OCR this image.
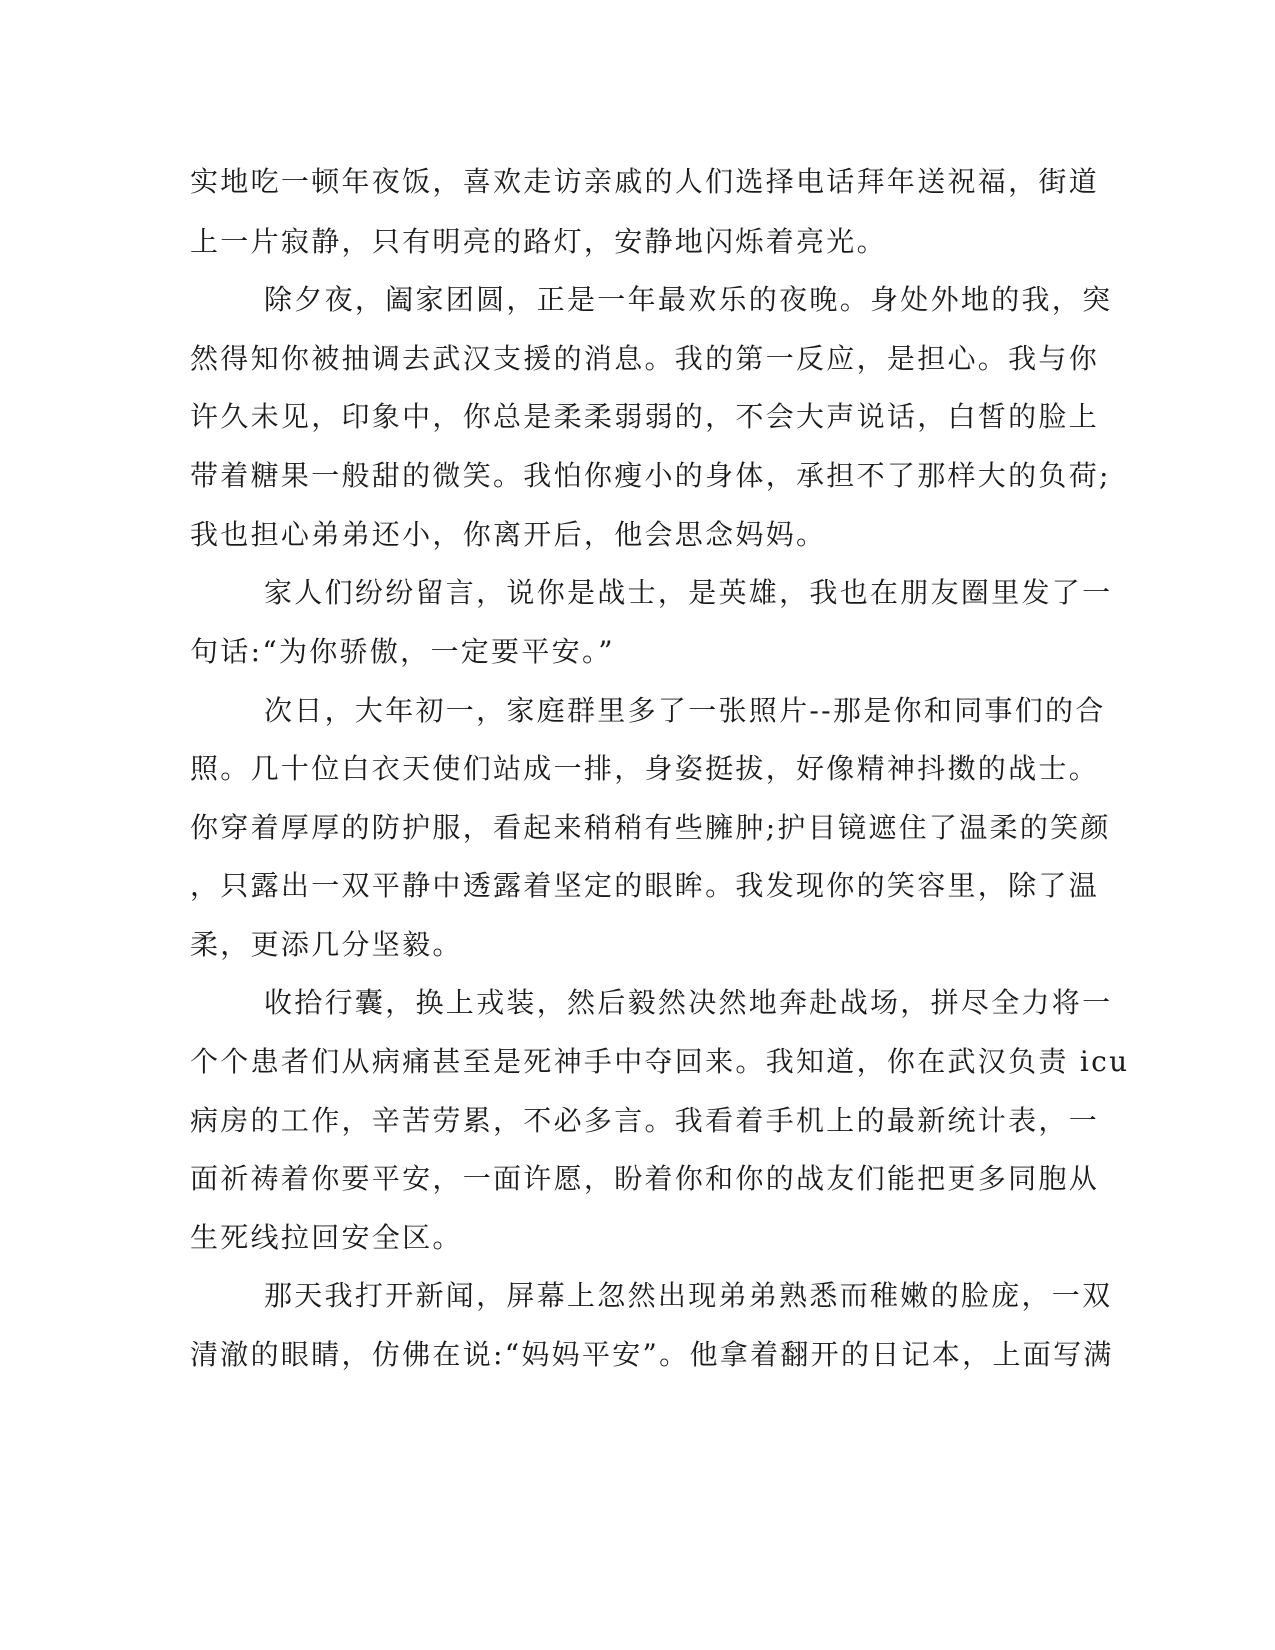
实地吃一顿年夜饭，喜欢走访亲戚的人们选择电话拜年送祝福，街道
上一片寂静，只有明亮的路灯，安静地闪烁着亮光。
除夕夜，阖家团圆，正是一年最欢乐的夜晚。身处外地的我，突
然得知你被抽调去武汉支援的消息。我的第一反应，是担心。我与你
许久未见，印象中，你总是柔柔弱弱的，不会大声说话，白皙的脸上
带着糖果一般甜的微笑。我怕你瘦小的身体，承担不了那样大的负荷;
我也担心弟弟还小，你离开后，他会思念妈妈。
家人们纷纷留言，说你是战士，是英雄，我也在朋友圈里发了一
句话:“为你骄傲，一定要平安。”
次日，大年初一，家庭群里多了一张照片--那是你和同事们的合
照。几十位白衣天使们站成一排，身姿挺拔，好像精神抖擞的战士。
你穿着厚厚的防护服，看起来稍稍有些臃肿;护目镜遮住了温柔的笑颜
，只露出一双平静中透露着坚定的眼眸。我发现你的笑容里，除了温
柔，更添几分坚毅。
收拾行囊，换上戎装，然后毅然决然地奔赴战场，拼尽全力将一
个个患者们从病痛甚至是死神手中夺回来。我知道，你在武汉负责 icu
病房的工作，辛苦劳累，不必多言。我看着手机上的最新统计表，一
面祈祷着你要平安，一面许愿，盼着你和你的战友们能把更多同胞从
生死线拉回安全区。
那天我打开新闻，屏幕上忽然出现弟弟熟悉而稚嫩的脸庞，一双
清澈的眼睛，仿佛在说:“妈妈平安”。他拿着翻开的日记本，上面写满
